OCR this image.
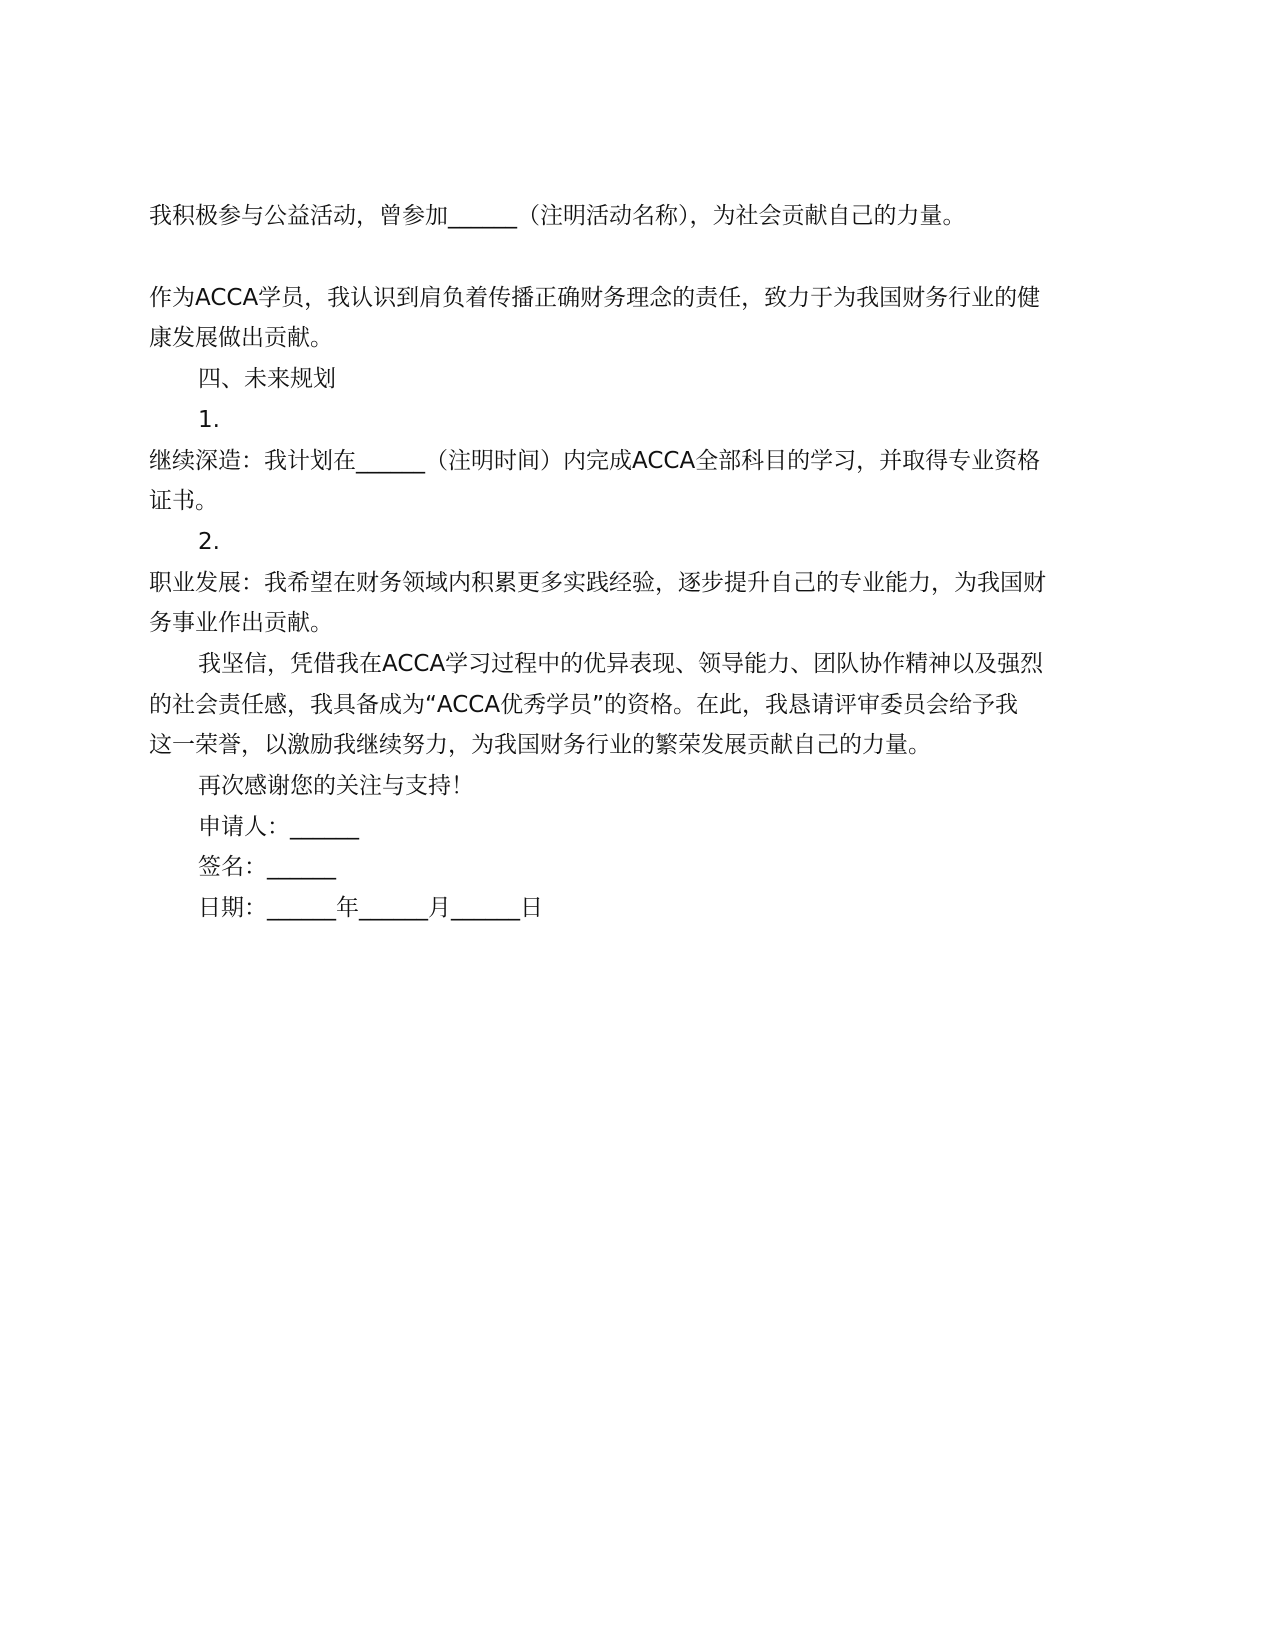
我积极参与公益活动，曾参加______（注明活动名称），为社会贡献自己的力量。
作为ACCA学员，我认识到肩负着传播正确财务理念的责任，致力于为我国财务行业的健
康发展做出贡献。
四、未来规划
1.
继续深造：我计划在______（注明时间）内完成ACCA全部科目的学习，并取得专业资格
证书。
2.
职业发展：我希望在财务领域内积累更多实践经验，逐步提升自己的专业能力，为我国财
务事业作出贡献。
我坚信，凭借我在ACCA学习过程中的优异表现、领导能力、团队协作精神以及强烈
的社会责任感，我具备成为“ACCA优秀学员”的资格。在此，我恳请评审委员会给予我
这一荣誉，以激励我继续努力，为我国财务行业的繁荣发展贡献自己的力量。
再次感谢您的关注与支持！
申请人：______
签名：______
日期：______年______月______日
